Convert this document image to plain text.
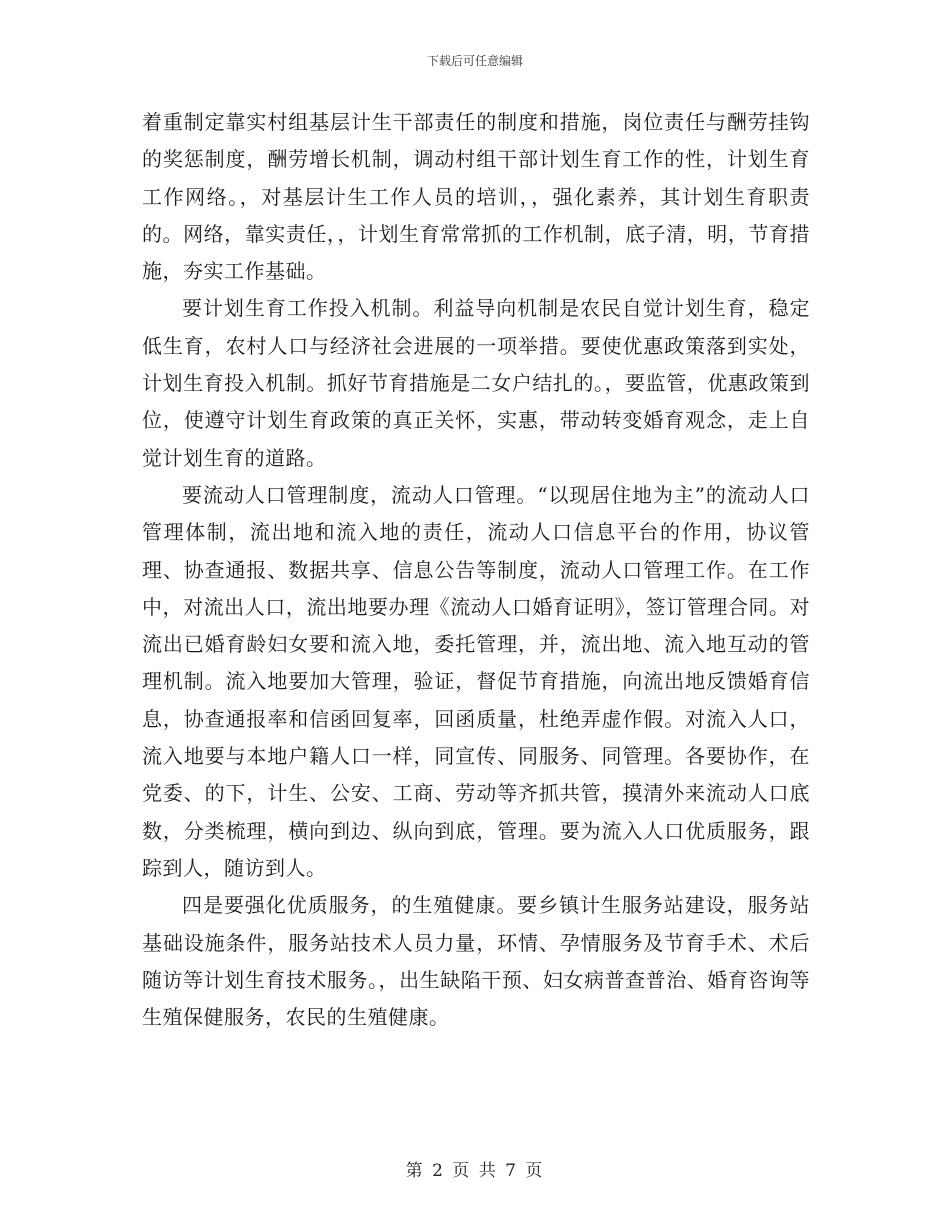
下载后可任意编辑

着重制定靠实村组基层计生干部责任的制度和措施，岗位责任与酬劳挂钩的奖惩制度，酬劳增长机制，调动村组干部计划生育工作的性，计划生育工作网络。，对基层计生工作人员的培训，，强化素养，其计划生育职责的。网络，靠实责任，，计划生育常常抓的工作机制，底子清，明，节育措施，夯实工作基础。

要计划生育工作投入机制。利益导向机制是农民自觉计划生育，稳定低生育，农村人口与经济社会进展的一项举措。要使优惠政策落到实处，计划生育投入机制。抓好节育措施是二女户结扎的。，要监管，优惠政策到位，使遵守计划生育政策的真正关怀，实惠，带动转变婚育观念，走上自觉计划生育的道路。

要流动人口管理制度，流动人口管理。“以现居住地为主”的流动人口管理体制，流出地和流入地的责任，流动人口信息平台的作用，协议管理、协查通报、数据共享、信息公告等制度，流动人口管理工作。在工作中，对流出人口，流出地要办理《流动人口婚育证明》，签订管理合同。对流出已婚育龄妇女要和流入地，委托管理，并，流出地、流入地互动的管理机制。流入地要加大管理，验证，督促节育措施，向流出地反馈婚育信息，协查通报率和信函回复率，回函质量，杜绝弄虚作假。对流入人口，流入地要与本地户籍人口一样，同宣传、同服务、同管理。各要协作，在党委、的下，计生、公安、工商、劳动等齐抓共管，摸清外来流动人口底数，分类梳理，横向到边、纵向到底，管理。要为流入人口优质服务，跟踪到人，随访到人。

四是要强化优质服务，的生殖健康。要乡镇计生服务站建设，服务站基础设施条件，服务站技术人员力量，环情、孕情服务及节育手术、术后随访等计划生育技术服务。，出生缺陷干预、妇女病普查普治、婚育咨询等生殖保健服务，农民的生殖健康。

第 2 页 共 7 页
